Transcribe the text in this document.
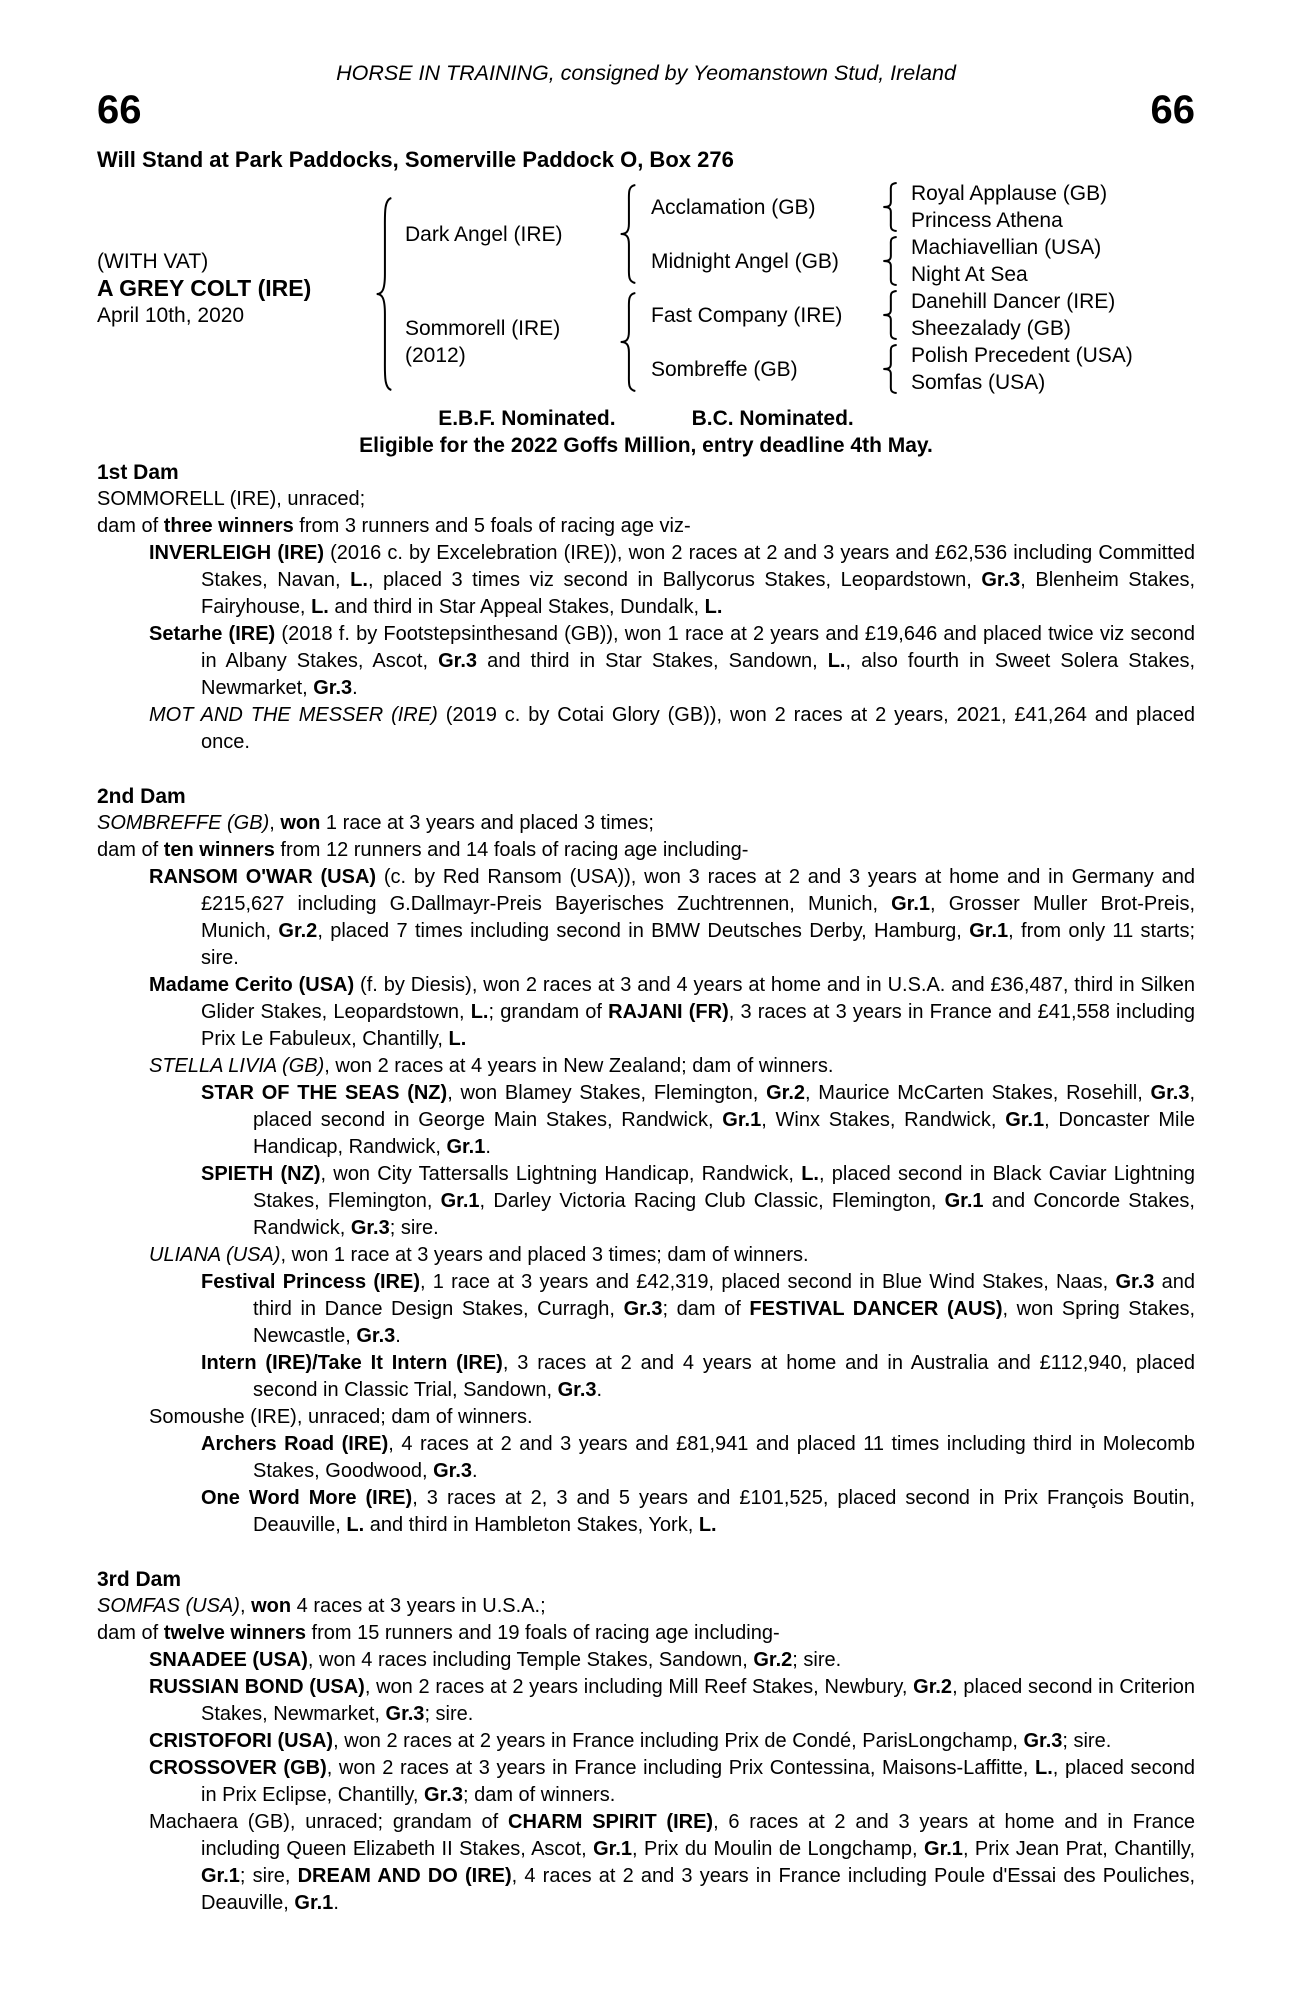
HORSE IN TRAINING, consigned by Yeomanstown Stud, Ireland
66	66
Will Stand at Park Paddocks, Somerville Paddock O, Box 276
(WITH VAT)
A GREY COLT (IRE)
April 10th, 2020
Dark Angel (IRE)
Sommorell (IRE)
(2012)
Acclamation (GB)
Midnight Angel (GB)
Fast Company (IRE)
Sombreffe (GB)
Royal Applause (GB)
Princess Athena
Machiavellian (USA)
Night At Sea
Danehill Dancer (IRE)
Sheezalady (GB)
Polish Precedent (USA)
Somfas (USA)
E.B.F. Nominated.	B.C. Nominated.
Eligible for the 2022 Goffs Million, entry deadline 4th May.
1st Dam

SOMMORELL (IRE), unraced;

dam of three winners from 3 runners and 5 foals of racing age viz-

INVERLEIGH (IRE) (2016 c. by Excelebration (IRE)), won 2 races at 2 and 3 years and £62,536 including Committed Stakes, Navan, L., placed 3 times viz second in Ballycorus Stakes, Leopardstown, Gr.3, Blenheim Stakes, Fairyhouse, L. and third in Star Appeal Stakes, Dundalk, L.

Setarhe (IRE) (2018 f. by Footstepsinthesand (GB)), won 1 race at 2 years and £19,646 and placed twice viz second in Albany Stakes, Ascot, Gr.3 and third in Star Stakes, Sandown, L., also fourth in Sweet Solera Stakes, Newmarket, Gr.3.

MOT AND THE MESSER (IRE) (2019 c. by Cotai Glory (GB)), won 2 races at 2 years, 2021, £41,264 and placed once.

2nd Dam

SOMBREFFE (GB), won 1 race at 3 years and placed 3 times;

dam of ten winners from 12 runners and 14 foals of racing age including-

RANSOM O'WAR (USA) (c. by Red Ransom (USA)), won 3 races at 2 and 3 years at home and in Germany and £215,627 including G.Dallmayr-Preis Bayerisches Zuchtrennen, Munich, Gr.1, Grosser Muller Brot-Preis, Munich, Gr.2, placed 7 times including second in BMW Deutsches Derby, Hamburg, Gr.1, from only 11 starts; sire.

Madame Cerito (USA) (f. by Diesis), won 2 races at 3 and 4 years at home and in U.S.A. and £36,487, third in Silken Glider Stakes, Leopardstown, L.; grandam of RAJANI (FR), 3 races at 3 years in France and £41,558 including Prix Le Fabuleux, Chantilly, L.

STELLA LIVIA (GB), won 2 races at 4 years in New Zealand; dam of winners.

STAR OF THE SEAS (NZ), won Blamey Stakes, Flemington, Gr.2, Maurice McCarten Stakes, Rosehill, Gr.3, placed second in George Main Stakes, Randwick, Gr.1, Winx Stakes, Randwick, Gr.1, Doncaster Mile Handicap, Randwick, Gr.1.

SPIETH (NZ), won City Tattersalls Lightning Handicap, Randwick, L., placed second in Black Caviar Lightning Stakes, Flemington, Gr.1, Darley Victoria Racing Club Classic, Flemington, Gr.1 and Concorde Stakes, Randwick, Gr.3; sire.

ULIANA (USA), won 1 race at 3 years and placed 3 times; dam of winners.

Festival Princess (IRE), 1 race at 3 years and £42,319, placed second in Blue Wind Stakes, Naas, Gr.3 and third in Dance Design Stakes, Curragh, Gr.3; dam of FESTIVAL DANCER (AUS), won Spring Stakes, Newcastle, Gr.3.

Intern (IRE)/Take It Intern (IRE), 3 races at 2 and 4 years at home and in Australia and £112,940, placed second in Classic Trial, Sandown, Gr.3.

Somoushe (IRE), unraced; dam of winners.

Archers Road (IRE), 4 races at 2 and 3 years and £81,941 and placed 11 times including third in Molecomb Stakes, Goodwood, Gr.3.

One Word More (IRE), 3 races at 2, 3 and 5 years and £101,525, placed second in Prix François Boutin, Deauville, L. and third in Hambleton Stakes, York, L.

3rd Dam

SOMFAS (USA), won 4 races at 3 years in U.S.A.;

dam of twelve winners from 15 runners and 19 foals of racing age including-

SNAADEE (USA), won 4 races including Temple Stakes, Sandown, Gr.2; sire.

RUSSIAN BOND (USA), won 2 races at 2 years including Mill Reef Stakes, Newbury, Gr.2, placed second in Criterion Stakes, Newmarket, Gr.3; sire.

CRISTOFORI (USA), won 2 races at 2 years in France including Prix de Condé, ParisLongchamp, Gr.3; sire.

CROSSOVER (GB), won 2 races at 3 years in France including Prix Contessina, Maisons-Laffitte, L., placed second in Prix Eclipse, Chantilly, Gr.3; dam of winners.

Machaera (GB), unraced; grandam of CHARM SPIRIT (IRE), 6 races at 2 and 3 years at home and in France including Queen Elizabeth II Stakes, Ascot, Gr.1, Prix du Moulin de Longchamp, Gr.1, Prix Jean Prat, Chantilly, Gr.1; sire, DREAM AND DO (IRE), 4 races at 2 and 3 years in France including Poule d'Essai des Pouliches, Deauville, Gr.1.
